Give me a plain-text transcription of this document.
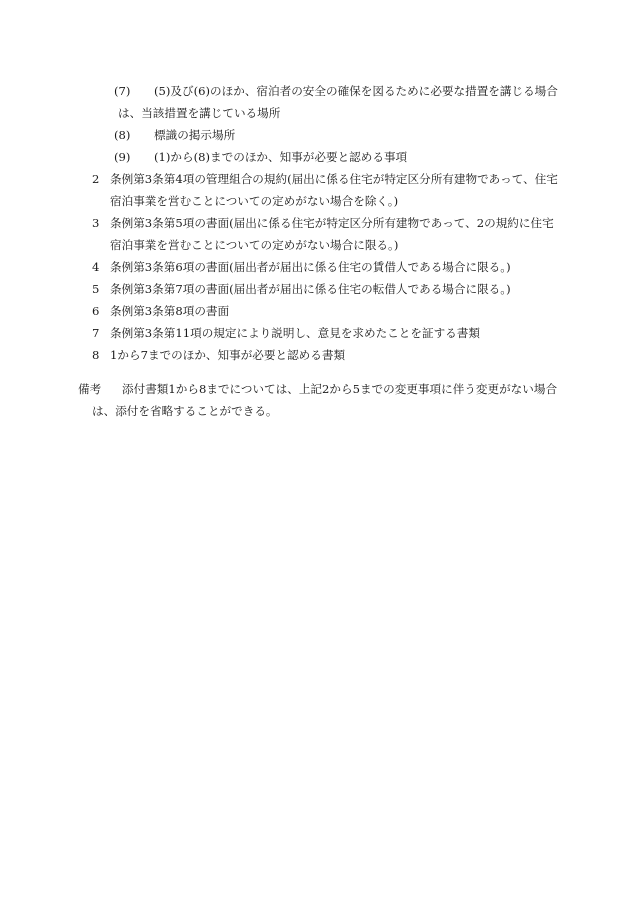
(7) (5)及び(6)のほか、宿泊者の安全の確保を図るために必要な措置を講じる場合は、当該措置を講じている場所
(8) 標識の掲示場所
(9) (1)から(8)までのほか、知事が必要と認める事項
2 条例第3条第4項の管理組合の規約(届出に係る住宅が特定区分所有建物であって、住宅宿泊事業を営むことについての定めがない場合を除く。)
3 条例第3条第5項の書面(届出に係る住宅が特定区分所有建物であって、2の規約に住宅宿泊事業を営むことについての定めがない場合に限る。)
4 条例第3条第6項の書面(届出者が届出に係る住宅の賃借人である場合に限る。)
5 条例第3条第7項の書面(届出者が届出に係る住宅の転借人である場合に限る。)
6 条例第3条第8項の書面
7 条例第3条第11項の規定により説明し、意見を求めたことを証する書類
8 1から7までのほか、知事が必要と認める書類
備考 添付書類1から8までについては、上記2から5までの変更事項に伴う変更がない場合は、添付を省略することができる。
